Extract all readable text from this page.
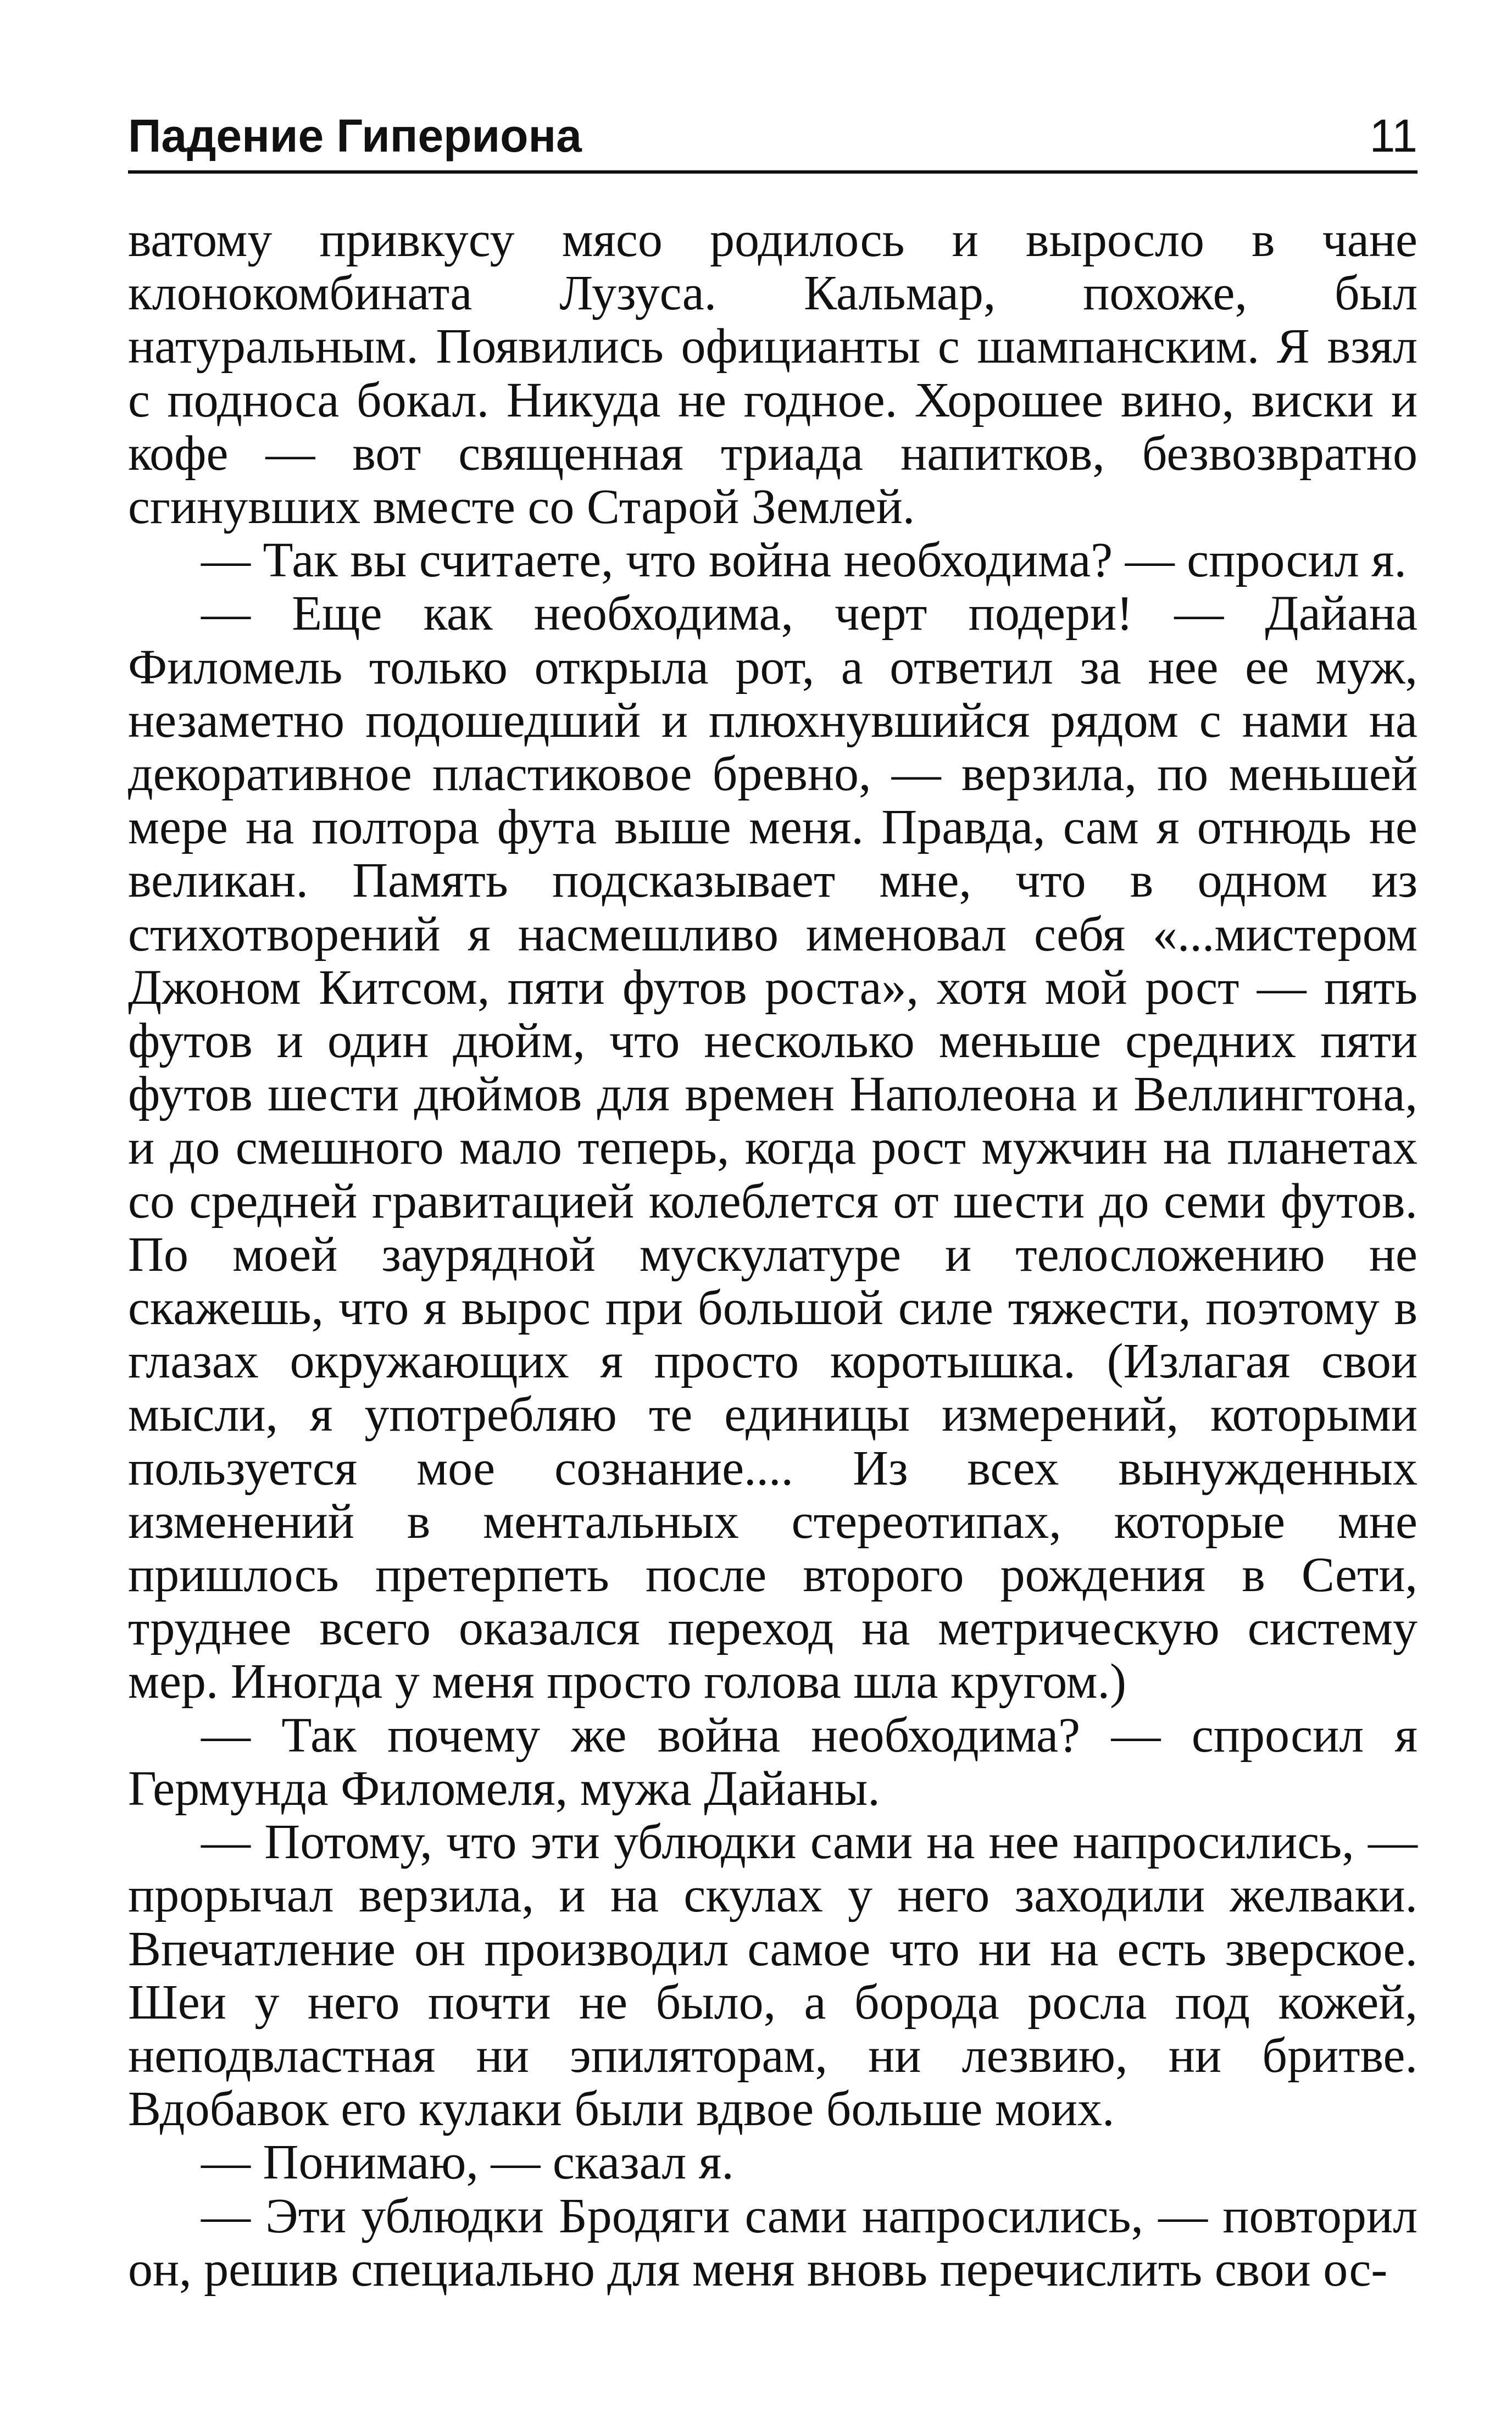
Падение Гипериона	11

ватому привкусу мясо родилось и выросло в чане клонокомбината Лузуса. Кальмар, похоже, был натуральным. Появились официанты с шампанским. Я взял с подноса бокал. Никуда не годное. Хорошее вино, виски и кофе — вот священная триада напитков, безвозвратно сгинувших вместе со Старой Землей.

— Так вы считаете, что война необходима? — спросил я.

— Еще как необходима, черт подери! — Дайана Филомель только открыла рот, а ответил за нее ее муж, незаметно подошедший и плюхнувшийся рядом с нами на декоративное пластиковое бревно, — верзила, по меньшей мере на полтора фута выше меня. Правда, сам я отнюдь не великан. Память подсказывает мне, что в одном из стихотворений я насмешливо именовал себя «...мистером Джоном Китсом, пяти футов роста», хотя мой рост — пять футов и один дюйм, что несколько меньше средних пяти футов шести дюймов для времен Наполеона и Веллингтона, и до смешного мало теперь, когда рост мужчин на планетах со средней гравитацией колеблется от шести до семи футов. По моей заурядной мускулатуре и телосложению не скажешь, что я вырос при большой силе тяжести, поэтому в глазах окружающих я просто коротышка. (Излагая свои мысли, я употребляю те единицы измерений, которыми пользуется мое сознание.... Из всех вынужденных изменений в ментальных стереотипах, которые мне пришлось претерпеть после второго рождения в Сети, труднее всего оказался переход на метрическую систему мер. Иногда у меня просто голова шла кругом.)

— Так почему же война необходима? — спросил я Гермунда Филомеля, мужа Дайаны.

— Потому, что эти ублюдки сами на нее напросились, — прорычал верзила, и на скулах у него заходили желваки. Впечатление он производил самое что ни на есть зверское. Шеи у него почти не было, а борода росла под кожей, неподвластная ни эпиляторам, ни лезвию, ни бритве. Вдобавок его кулаки были вдвое больше моих.

— Понимаю, — сказал я.

— Эти ублюдки Бродяги сами напросились, — повторил он, решив специально для меня вновь перечислить свои ос-
